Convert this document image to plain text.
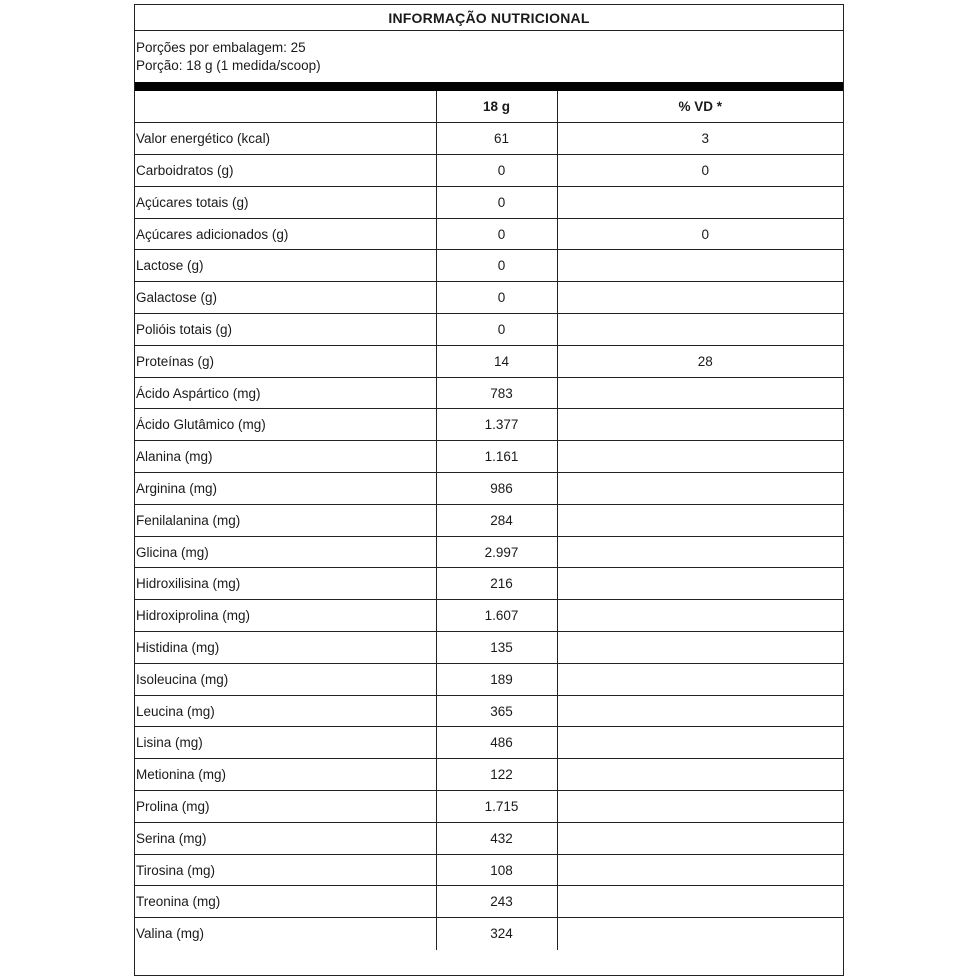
INFORMAÇÃO NUTRICIONAL
Porções por embalagem: 25
Porção: 18 g (1 medida/scoop)
	18 g	% VD *
Valor energético (kcal)	61	3
Carboidratos (g)	0	0
Açúcares totais (g)	0	
Açúcares adicionados (g)	0	0
Lactose (g)	0	
Galactose (g)	0	
Polióis totais (g)	0	
Proteínas (g)	14	28
Ácido Aspártico (mg)	783	
Ácido Glutâmico (mg)	1.377	
Alanina (mg)	1.161	
Arginina (mg)	986	
Fenilalanina (mg)	284	
Glicina (mg)	2.997	
Hidroxilisina (mg)	216	
Hidroxiprolina (mg)	1.607	
Histidina (mg)	135	
Isoleucina (mg)	189	
Leucina (mg)	365	
Lisina (mg)	486	
Metionina (mg)	122	
Prolina (mg)	1.715	
Serina (mg)	432	
Tirosina (mg)	108	
Treonina (mg)	243	
Valina (mg)	324	
